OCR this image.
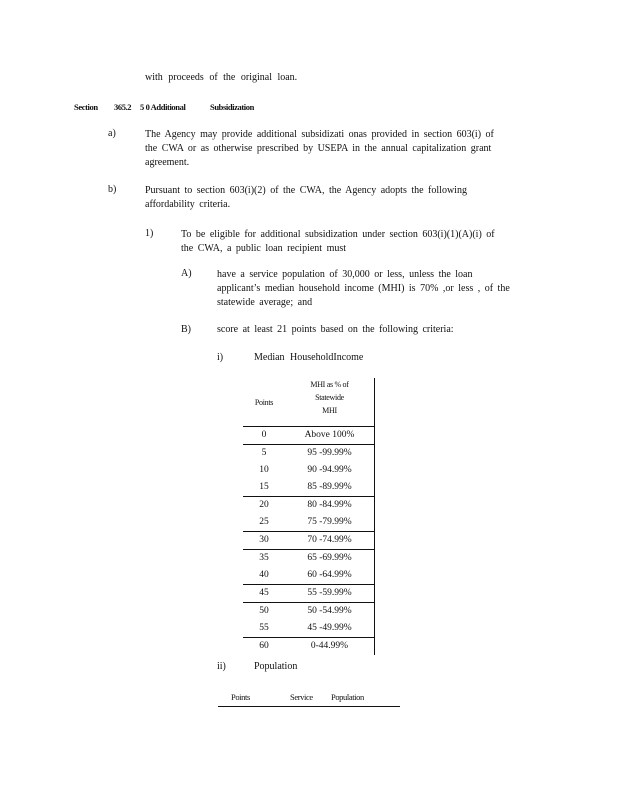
with proceeds of the original loan.
Section 365.2 5 0 Additional	Subsidization
a)	The Agency may provide additional subsidizati onas provided in section 603(i) of
the CWA or as otherwise prescribed by USEPA in the annual capitalization grant
agreement.
b)	Pursuant to section 603(i)(2) of the CWA, the Agency adopts the following
affordability criteria.
1)	To be eligible for additional subsidization under section 603(i)(1)(A)(i) of
the CWA, a public loan recipient must
A)	have a service population of 30,000 or less, unless the loan
applicant’s median household income (MHI) is 70% ,or less , of the
statewide average; and
B)	score at least 21 points based on the following criteria:
i)	Median HouseholdIncome
Points	MHI as % of
Statewide
MHI

0	Above 100%
5	95 -99.99%
10	90 -94.99%
15	85 -89.99%
20	80 -84.99%
25	75 -79.99%
30	70 -74.99%
35	65 -69.99%
40	60 -64.99%
45	55 -59.99%
50	50 -54.99%
55	45 -49.99%
60	0-44.99%
ii)	Population
Points	Service Population
